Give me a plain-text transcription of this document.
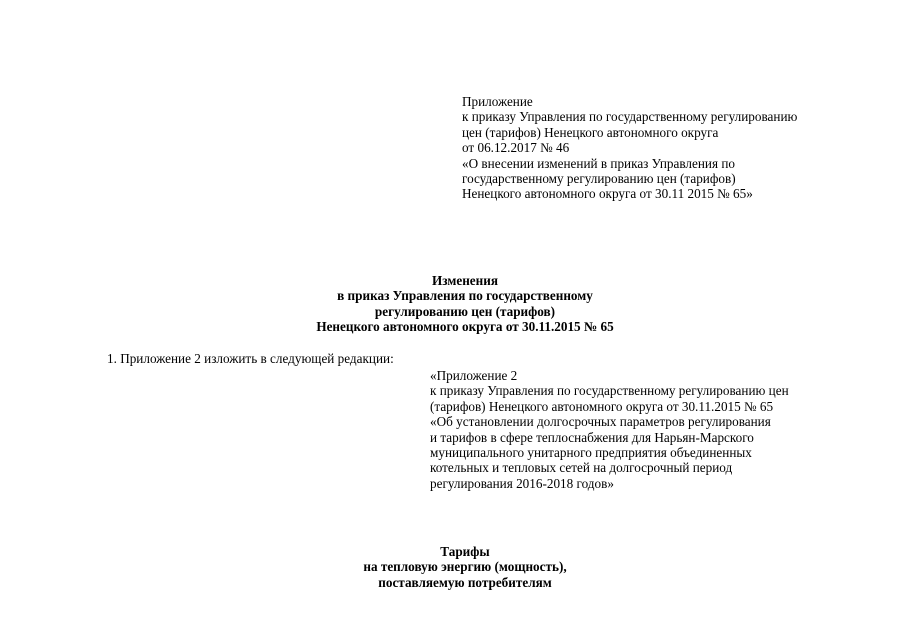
Приложение
к приказу Управления по государственному регулированию
цен (тарифов) Ненецкого автономного округа
от 06.12.2017 № 46
«О внесении изменений в приказ Управления по
государственному регулированию цен (тарифов)
Ненецкого автономного округа от 30.11 2015 № 65»
Изменения
в приказ Управления по государственному
регулированию цен (тарифов)
Ненецкого автономного округа от 30.11.2015 № 65
1. Приложение 2 изложить в следующей редакции:
«Приложение 2
к приказу Управления по государственному регулированию цен
(тарифов) Ненецкого автономного округа от 30.11.2015 № 65
«Об установлении долгосрочных параметров регулирования
и тарифов в сфере теплоснабжения для Нарьян-Марского
муниципального унитарного предприятия объединенных
котельных и тепловых сетей на долгосрочный период
регулирования 2016-2018 годов»
Тарифы
на тепловую энергию (мощность),
поставляемую потребителям
